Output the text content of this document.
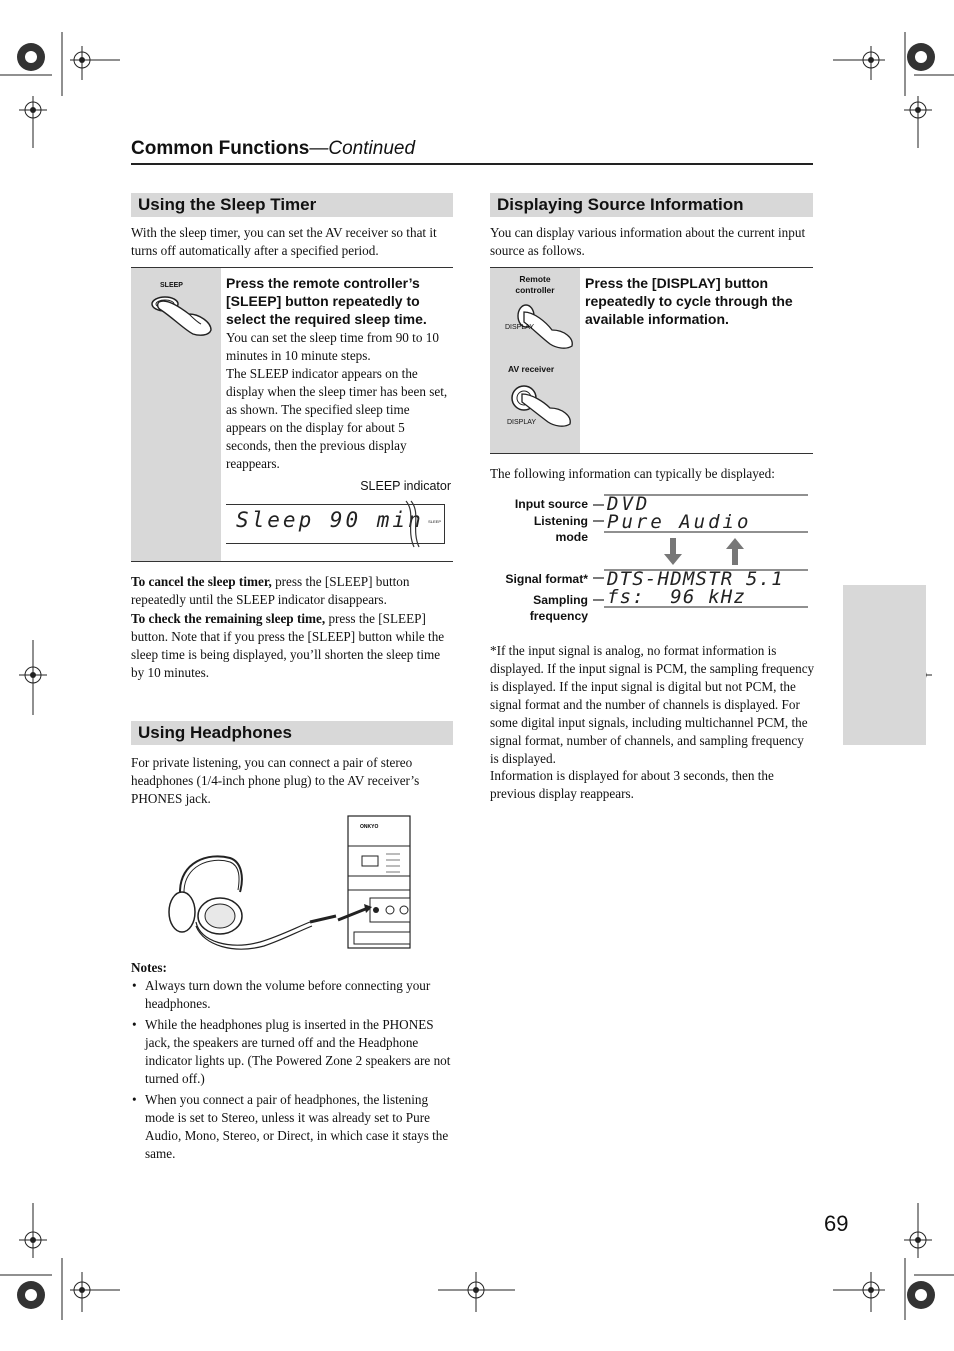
Common Functions—Continued
Using the Sleep Timer
With the sleep timer, you can set the AV receiver so that it turns off automatically after a specified period.
SLEEP	Press the remote controller’s [SLEEP] button repeatedly to select the required sleep time.
You can set the sleep time from 90 to 10 minutes in 10 minute steps.
The SLEEP indicator appears on the display when the sleep timer has been set, as shown. The specified sleep time appears on the display for about 5 seconds, then the previous display reappears.
SLEEP indicator
Sleep 90 min SLEEP
To cancel the sleep timer, press the [SLEEP] button repeatedly until the SLEEP indicator disappears.
To check the remaining sleep time, press the [SLEEP] button. Note that if you press the [SLEEP] button while the sleep time is being displayed, you’ll shorten the sleep time by 10 minutes.
Using Headphones
For private listening, you can connect a pair of stereo headphones (1/4-inch phone plug) to the AV receiver’s PHONES jack.
ONKYO
Notes:
• Always turn down the volume before connecting your headphones.
• While the headphones plug is inserted in the PHONES jack, the speakers are turned off and the Headphone indicator lights up. (The Powered Zone 2 speakers are not turned off.)
• When you connect a pair of headphones, the listening mode is set to Stereo, unless it was already set to Pure Audio, Mono, Stereo, or Direct, in which case it stays the same.
Displaying Source Information
You can display various information about the current input source as follows.
Remote controller
DISPLAY
AV receiver
DISPLAY
Press the [DISPLAY] button repeatedly to cycle through the available information.
The following information can typically be displayed:
Input source
Listening mode
Signal format*
Sampling frequency
DVD
Pure Audio
DTS-HDMSTR 5.1
fs:  96 kHz
*If the input signal is analog, no format information is displayed. If the input signal is PCM, the sampling frequency is displayed. If the input signal is digital but not PCM, the signal format and the number of channels is displayed. For some digital input signals, including multichannel PCM, the signal format, number of channels, and sampling frequency is displayed.
Information is displayed for about 3 seconds, then the previous display reappears.
69
